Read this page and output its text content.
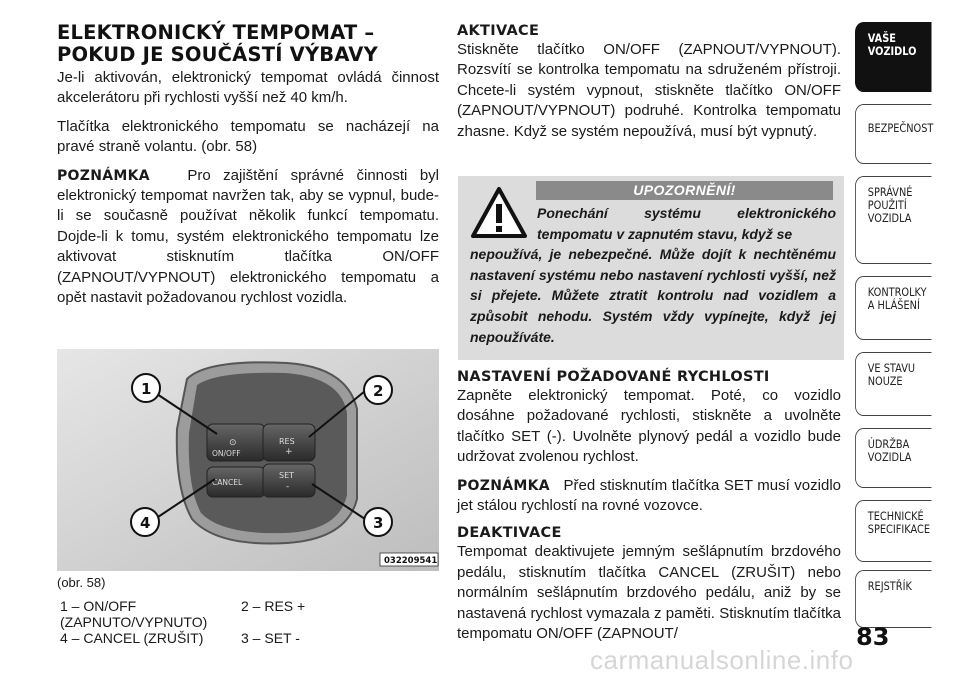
ELEKTRONICKÝ TEMPOMAT –
POKUD JE SOUČÁSTÍ VÝBAVY

Je-li aktivován, elektronický tempomat ovládá činnost akcelerátoru při rychlosti vyšší než 40 km/h.

Tlačítka elektronického tempomatu se nacházejí na pravé straně volantu. (obr. 58)

POZNÁMKA Pro zajištění správné činnosti byl elektronický tempomat navržen tak, aby se vypnul, bude-li se současně používat několik funkcí tempomatu. Dojde-li k tomu, systém elektronického tempomatu lze aktivovat stisknutím tlačítka ON/OFF (ZAPNOUT/VYPNOUT) elektronického tempomatu a opět nastavit požadovanou rychlost vozidla.

⊙
ON/OFF
CANCEL
RES
+
SET
-
1	2
3
4
032209541
(obr. 58)
1 – ON/OFF
(ZAPNUTO/VYPNUTO)
2 – RES +
4 – CANCEL (ZRUŠIT)	3 – SET -
AKTIVACE

Stiskněte tlačítko ON/OFF (ZAPNOUT/VYPNOUT). Rozsvítí se kontrolka tempomatu na sdruženém přístroji. Chcete-li systém vypnout, stiskněte tlačítko ON/OFF (ZAPNOUT/VYPNOUT) podruhé. Kontrolka tempomatu zhasne. Když se systém nepoužívá, musí být vypnutý.

UPOZORNĚNÍ!
Ponechání systému elektronického tempomatu v zapnutém stavu, když se
nepoužívá, je nebezpečné. Může dojít k nechtěnému nastavení systému nebo nastavení rychlosti vyšší, než si přejete. Můžete ztratit kontrolu nad vozidlem a způsobit nehodu. Systém vždy vypínejte, když jej nepoužíváte.
NASTAVENÍ POŽADOVANÉ RYCHLOSTI

Zapněte elektronický tempomat. Poté, co vozidlo dosáhne požadované rychlosti, stiskněte a uvolněte tlačítko SET (-). Uvolněte plynový pedál a vozidlo bude udržovat zvolenou rychlost.

POZNÁMKA Před stisknutím tlačítka SET musí vozidlo jet stálou rychlostí na rovné vozovce.

DEAKTIVACE

Tempomat deaktivujete jemným sešlápnutím brzdového pedálu, stisknutím tlačítka CANCEL (ZRUŠIT) nebo normálním sešlápnutím brzdového pedálu, aniž by se nastavená rychlost vymazala z paměti. Stisknutím tlačítka tempomatu ON/OFF (ZAPNOUT/

VAŠE
VOZIDLO
BEZPEČNOST
SPRÁVNÉ
POUŽITÍ
VOZIDLA
KONTROLKY
A HLÁŠENÍ
VE STAVU
NOUZE
ÚDRŽBA
VOZIDLA
TECHNICKÉ
SPECIFIKACE
REJSTŘÍK
83
carmanualsonline.info
